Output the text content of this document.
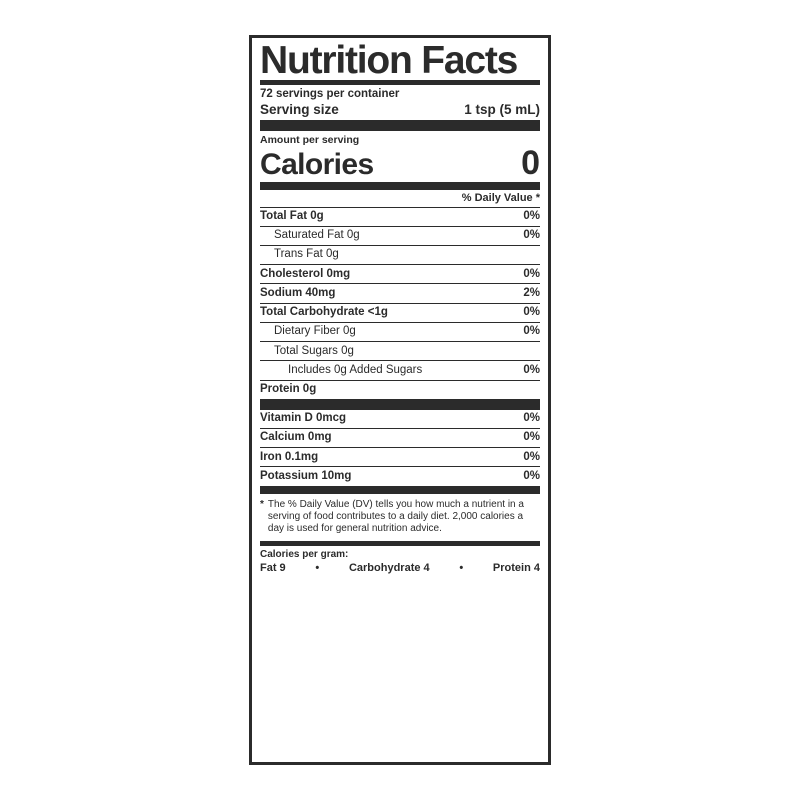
Nutrition Facts
72 servings per container
Serving size	1 tsp (5 mL)
Amount per serving
Calories	0
% Daily Value *
Total Fat 0g	0%
Saturated Fat 0g	0%
Trans Fat 0g
Cholesterol 0mg	0%
Sodium 40mg	2%
Total Carbohydrate <1g	0%
Dietary Fiber 0g	0%
Total Sugars 0g
Includes 0g Added Sugars	0%
Protein 0g
Vitamin D 0mcg	0%
Calcium 0mg	0%
Iron 0.1mg	0%
Potassium 10mg	0%
* The % Daily Value (DV) tells you how much a nutrient in a serving of food contributes to a daily diet. 2,000 calories a day is used for general nutrition advice.
Calories per gram:
Fat 9	•	Carbohydrate 4	•	Protein 4
